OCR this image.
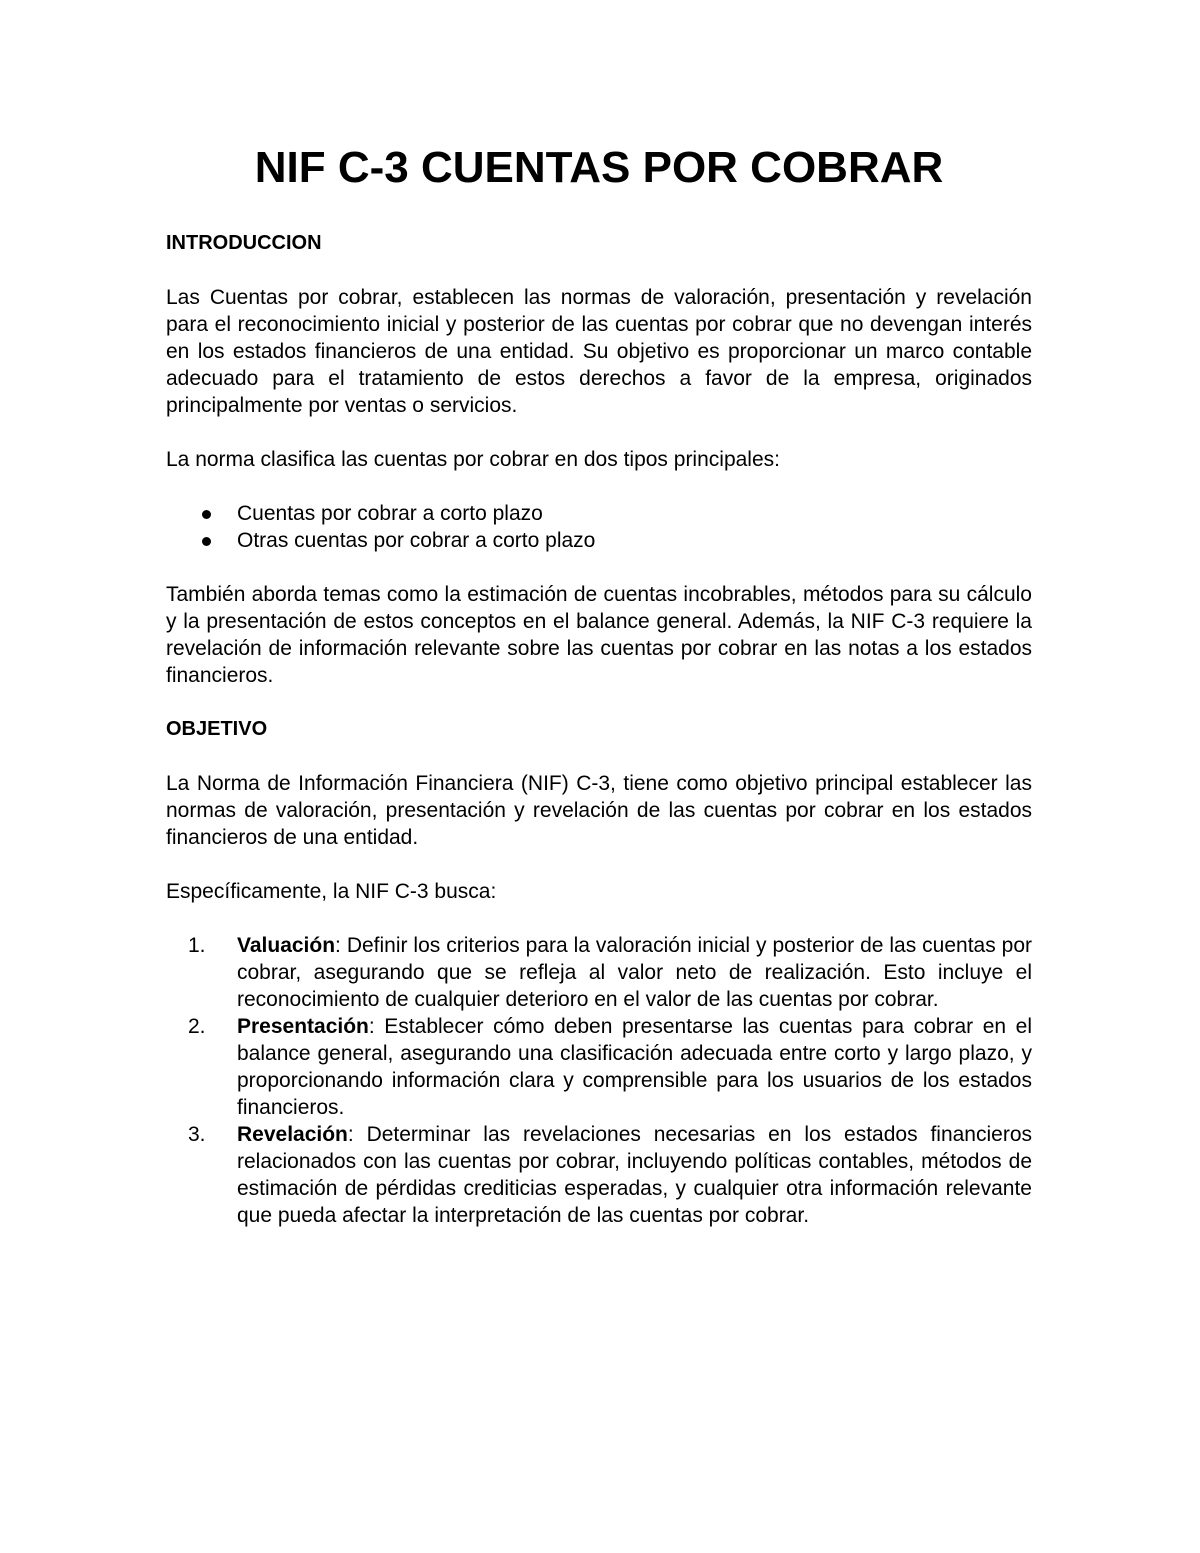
NIF C-3 CUENTAS POR COBRAR
INTRODUCCION

Las Cuentas por cobrar, establecen las normas de valoración, presentación y revelación para el reconocimiento inicial y posterior de las cuentas por cobrar que no devengan interés en los estados financieros de una entidad. Su objetivo es proporcionar un marco contable adecuado para el tratamiento de estos derechos a favor de la empresa, originados principalmente por ventas o servicios.

La norma clasifica las cuentas por cobrar en dos tipos principales:

Cuentas por cobrar a corto plazo
Otras cuentas por cobrar a corto plazo

También aborda temas como la estimación de cuentas incobrables, métodos para su cálculo y la presentación de estos conceptos en el balance general. Además, la NIF C-3 requiere la revelación de información relevante sobre las cuentas por cobrar en las notas a los estados financieros.

OBJETIVO

La Norma de Información Financiera (NIF) C-3, tiene como objetivo principal establecer las normas de valoración, presentación y revelación de las cuentas por cobrar en los estados financieros de una entidad.

Específicamente, la NIF C-3 busca:

1. Valuación: Definir los criterios para la valoración inicial y posterior de las cuentas por cobrar, asegurando que se refleja al valor neto de realización. Esto incluye el reconocimiento de cualquier deterioro en el valor de las cuentas por cobrar.
2. Presentación: Establecer cómo deben presentarse las cuentas para cobrar en el balance general, asegurando una clasificación adecuada entre corto y largo plazo, y proporcionando información clara y comprensible para los usuarios de los estados financieros.
3. Revelación: Determinar las revelaciones necesarias en los estados financieros relacionados con las cuentas por cobrar, incluyendo políticas contables, métodos de estimación de pérdidas crediticias esperadas, y cualquier otra información relevante que pueda afectar la interpretación de las cuentas por cobrar.
